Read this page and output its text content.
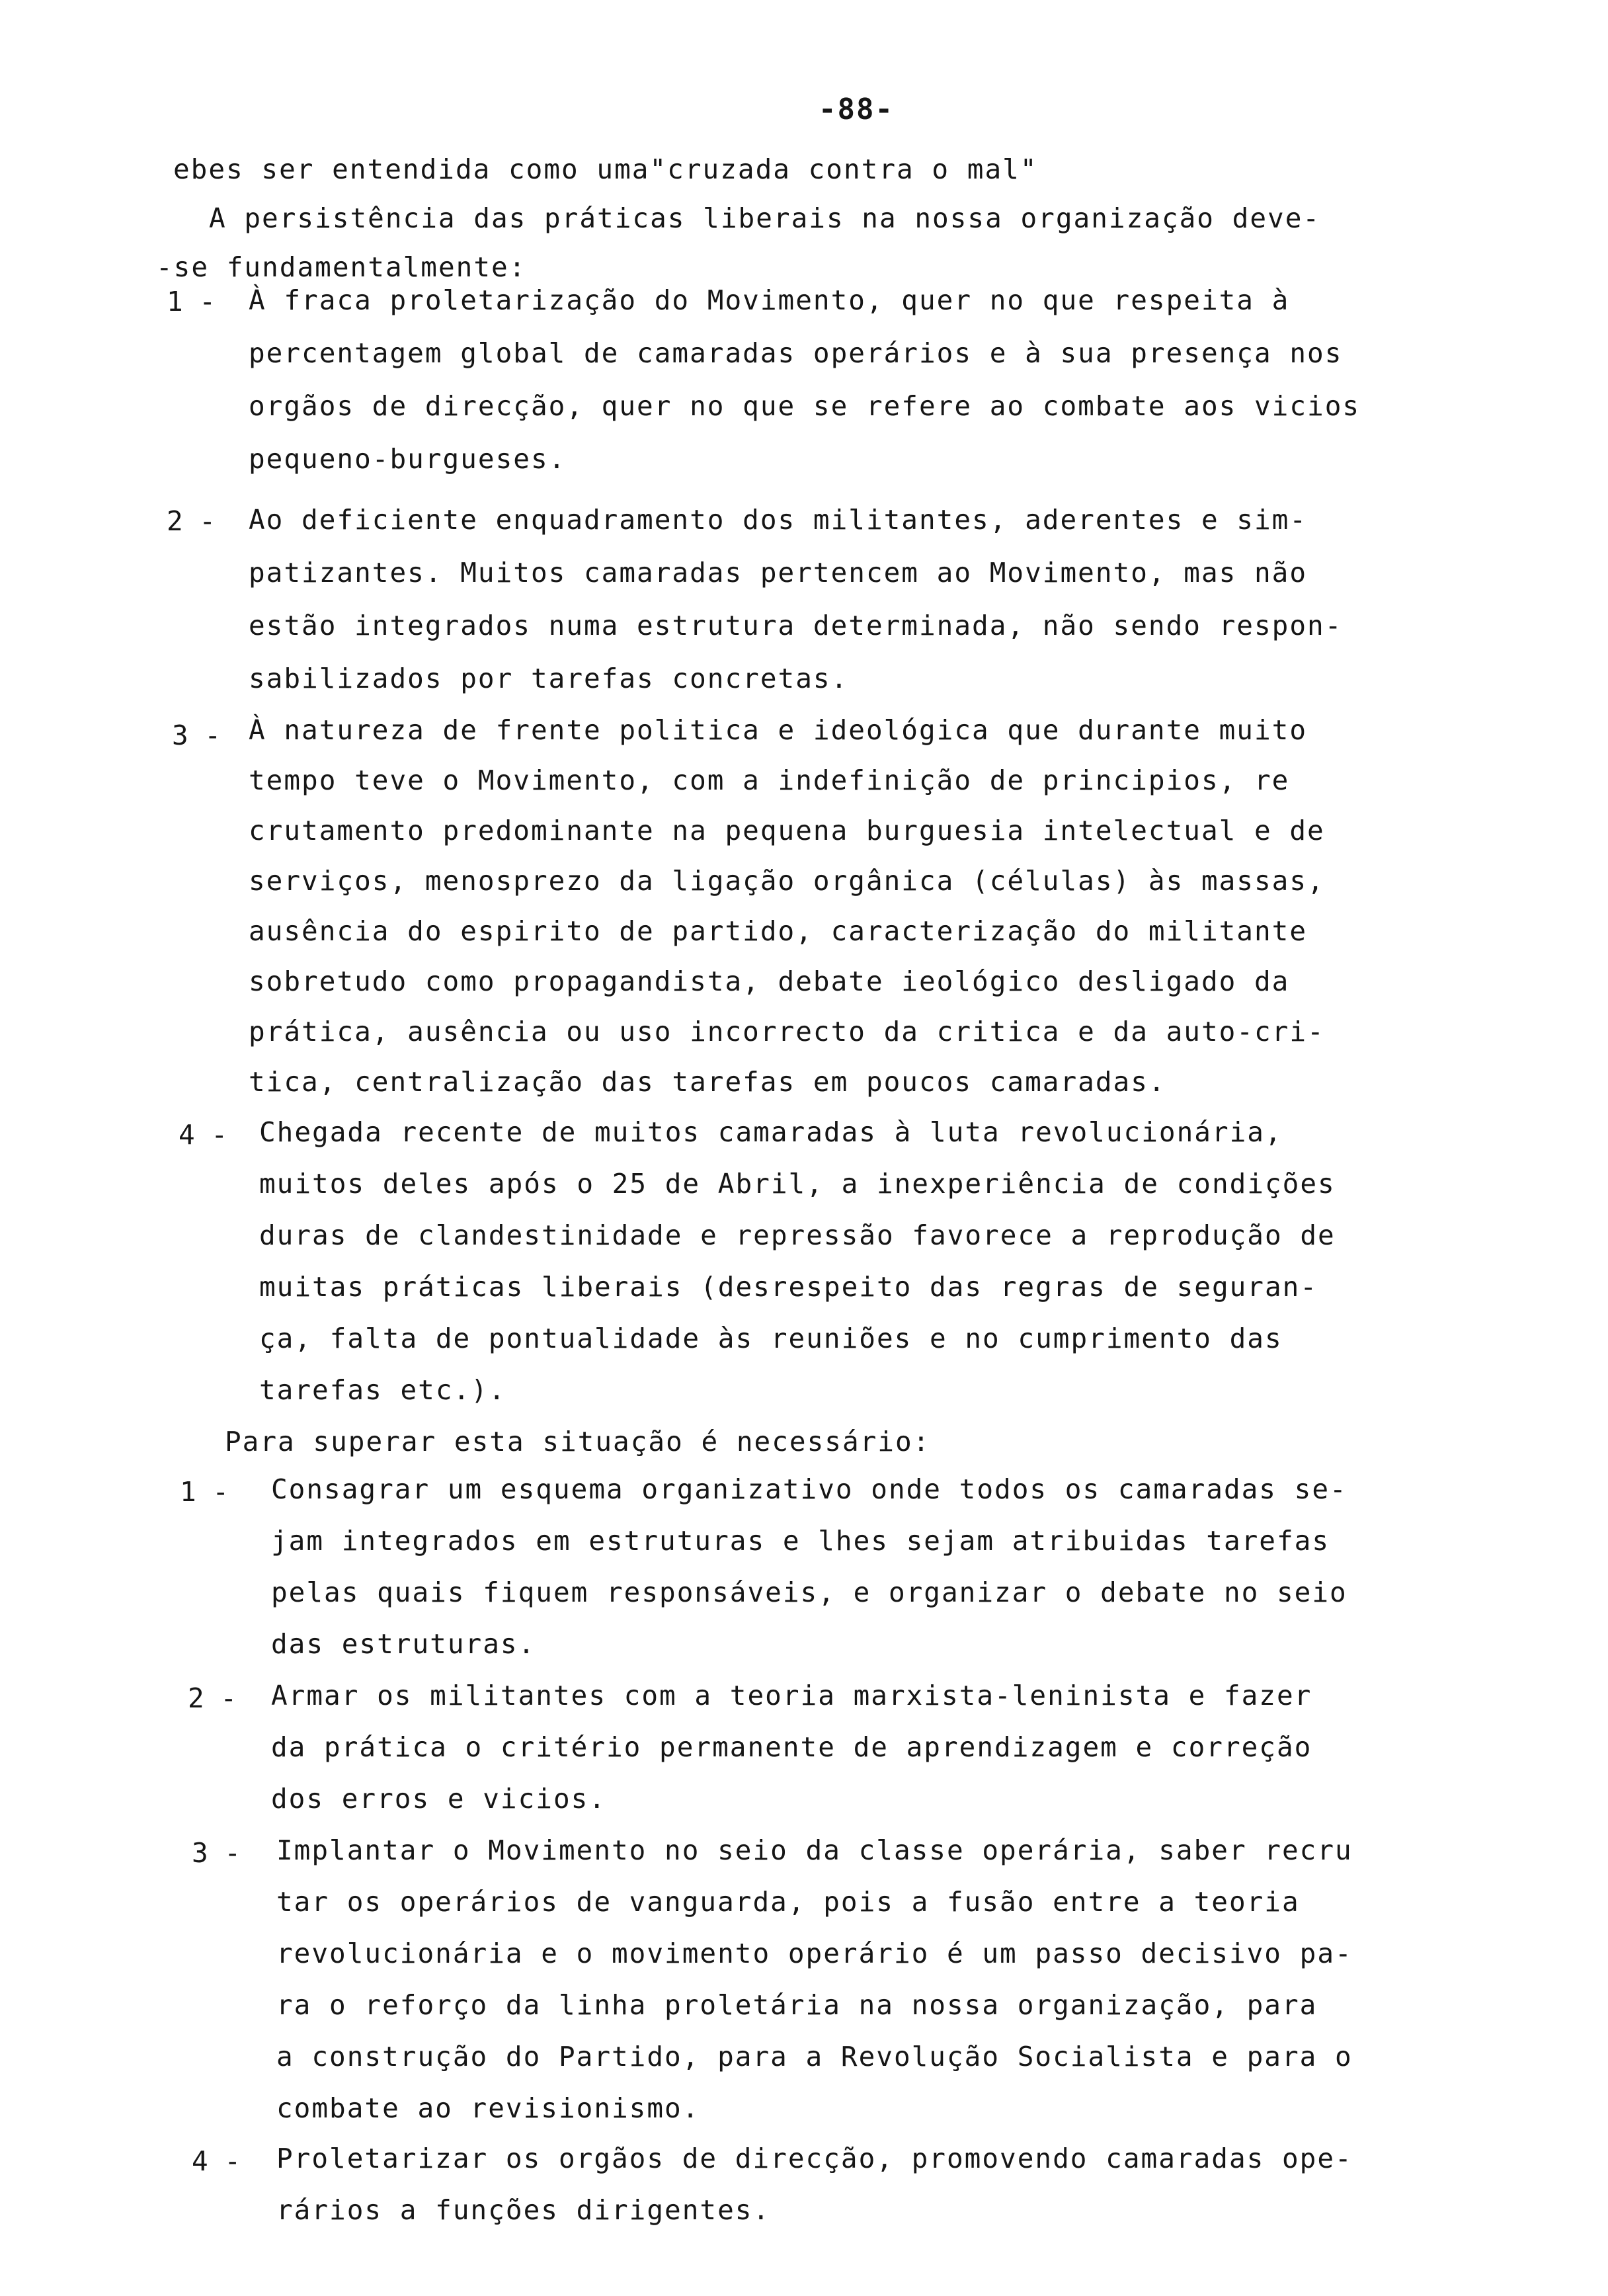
-88-
ebes ser entendida como uma"cruzada contra o mal"
A persistência das práticas liberais na nossa organização deve-
-se fundamentalmente:
1 - À fraca proletarização do Movimento, quer no que respeita à
percentagem global de camaradas operários e à sua presença nos
orgãos de direcção, quer no que se refere ao combate aos vicios
pequeno-burgueses.
2 - Ao deficiente enquadramento dos militantes, aderentes e sim-
patizantes. Muitos camaradas pertencem ao Movimento, mas não
estão integrados numa estrutura determinada, não sendo respon-
sabilizados por tarefas concretas.
3 - À natureza de frente politica e ideológica que durante muito
tempo teve o Movimento, com a indefinição de principios, re
crutamento predominante na pequena burguesia intelectual e de
serviços, menosprezo da ligação orgânica (células) às massas,
ausência do espirito de partido, caracterização do militante
sobretudo como propagandista, debate ieológico desligado da
prática, ausência ou uso incorrecto da critica e da auto-cri-
tica, centralização das tarefas em poucos camaradas.
4 - Chegada recente de muitos camaradas à luta revolucionária,
muitos deles após o 25 de Abril, a inexperiência de condições
duras de clandestinidade e repressão favorece a reprodução de
muitas práticas liberais (desrespeito das regras de seguran-
ça, falta de pontualidade às reuniões e no cumprimento das
tarefas etc.).
Para superar esta situação é necessário:
1 - Consagrar um esquema organizativo onde todos os camaradas se-
jam integrados em estruturas e lhes sejam atribuidas tarefas
pelas quais fiquem responsáveis, e organizar o debate no seio
das estruturas.
2 - Armar os militantes com a teoria marxista-leninista e fazer
da prática o critério permanente de aprendizagem e correção
dos erros e vicios.
3 - Implantar o Movimento no seio da classe operária, saber recru
tar os operários de vanguarda, pois a fusão entre a teoria
revolucionária e o movimento operário é um passo decisivo pa-
ra o reforço da linha proletária na nossa organização, para
a construção do Partido, para a Revolução Socialista e para o
combate ao revisionismo.
4 - Proletarizar os orgãos de direcção, promovendo camaradas ope-
rários a funções dirigentes.
